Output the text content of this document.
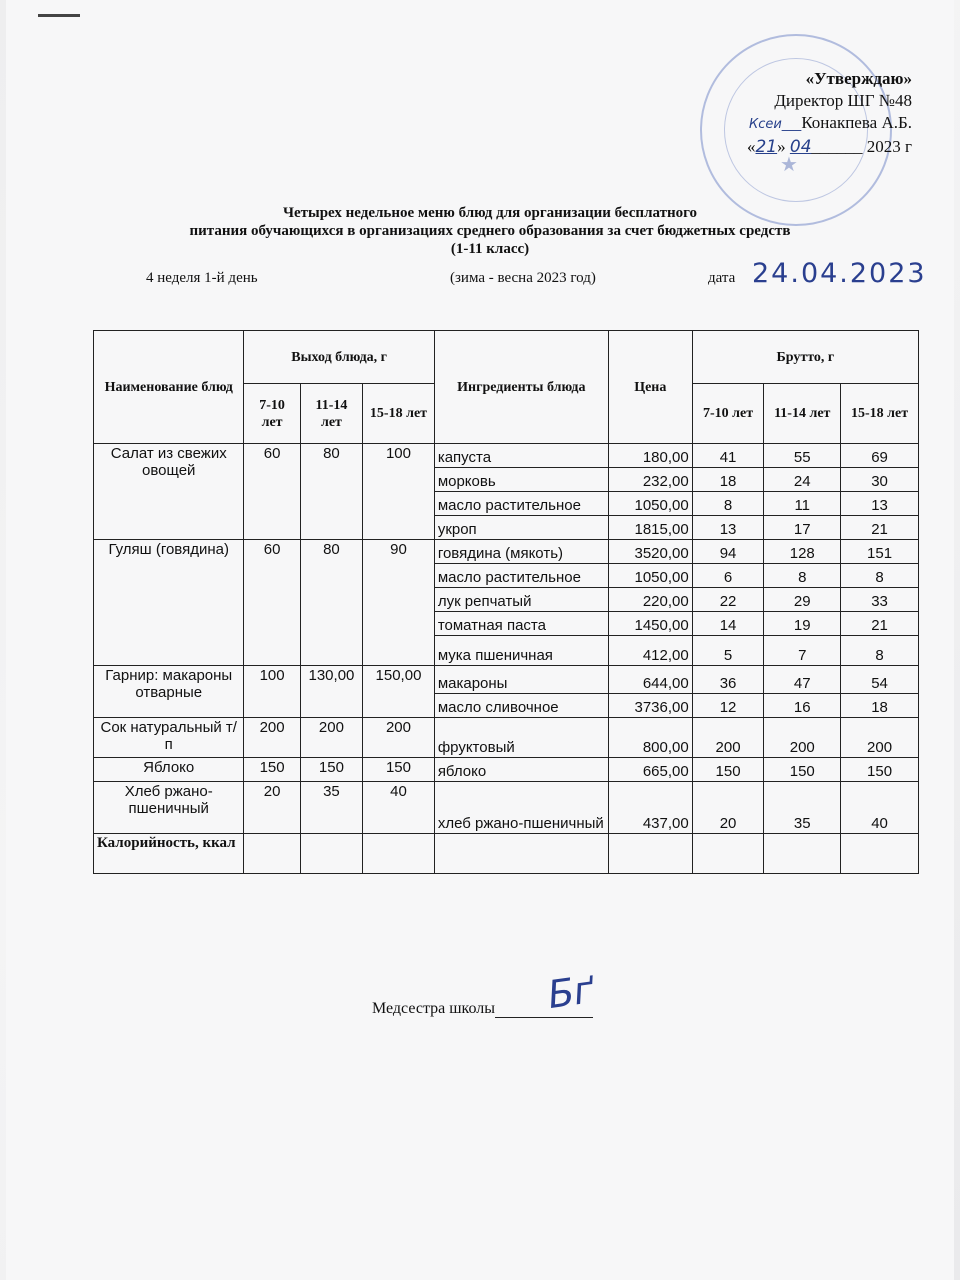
★
«Утверждаю»
Директор ШГ №48
Ксеи___Конакпева А.Б.
«21» 04______ 2023 г
Четырех недельное меню блюд для организации бесплатного
питания обучающихся в организациях среднего образования за счет бюджетных средств
(1-11 класс)
4 неделя 1-й день	(зима - весна 2023 год)	дата 24.04.2023
Наименование блюд	Выход блюда, г			Ингредиенты блюда	Цена	Брутто, г		
	7-10 лет	11-14 лет	15-18 лет			7-10 лет	11-14 лет	15-18 лет
Салат из свежих овощей	60	80	100	капуста	180,00	41	55	69
				морковь	232,00	18	24	30
				масло растительное	1050,00	8	11	13
				укроп	1815,00	13	17	21
Гуляш (говядина)	60	80	90	говядина (мякоть)	3520,00	94	128	151
				масло растительное	1050,00	6	8	8
				лук репчатый	220,00	22	29	33
				томатная паста	1450,00	14	19	21
				мука пшеничная	412,00	5	7	8
Гарнир: макароны отварные	100	130,00	150,00	макароны	644,00	36	47	54
				масло сливочное	3736,00	12	16	18
Сок натуральный т/п	200	200	200	фруктовый	800,00	200	200	200
Яблоко	150	150	150	яблоко	665,00	150	150	150
Хлеб ржано-пшеничный	20	35	40	хлеб ржано-пшеничный	437,00	20	35	40
Калорийность, ккал								
Медсестра школы	Бґ
